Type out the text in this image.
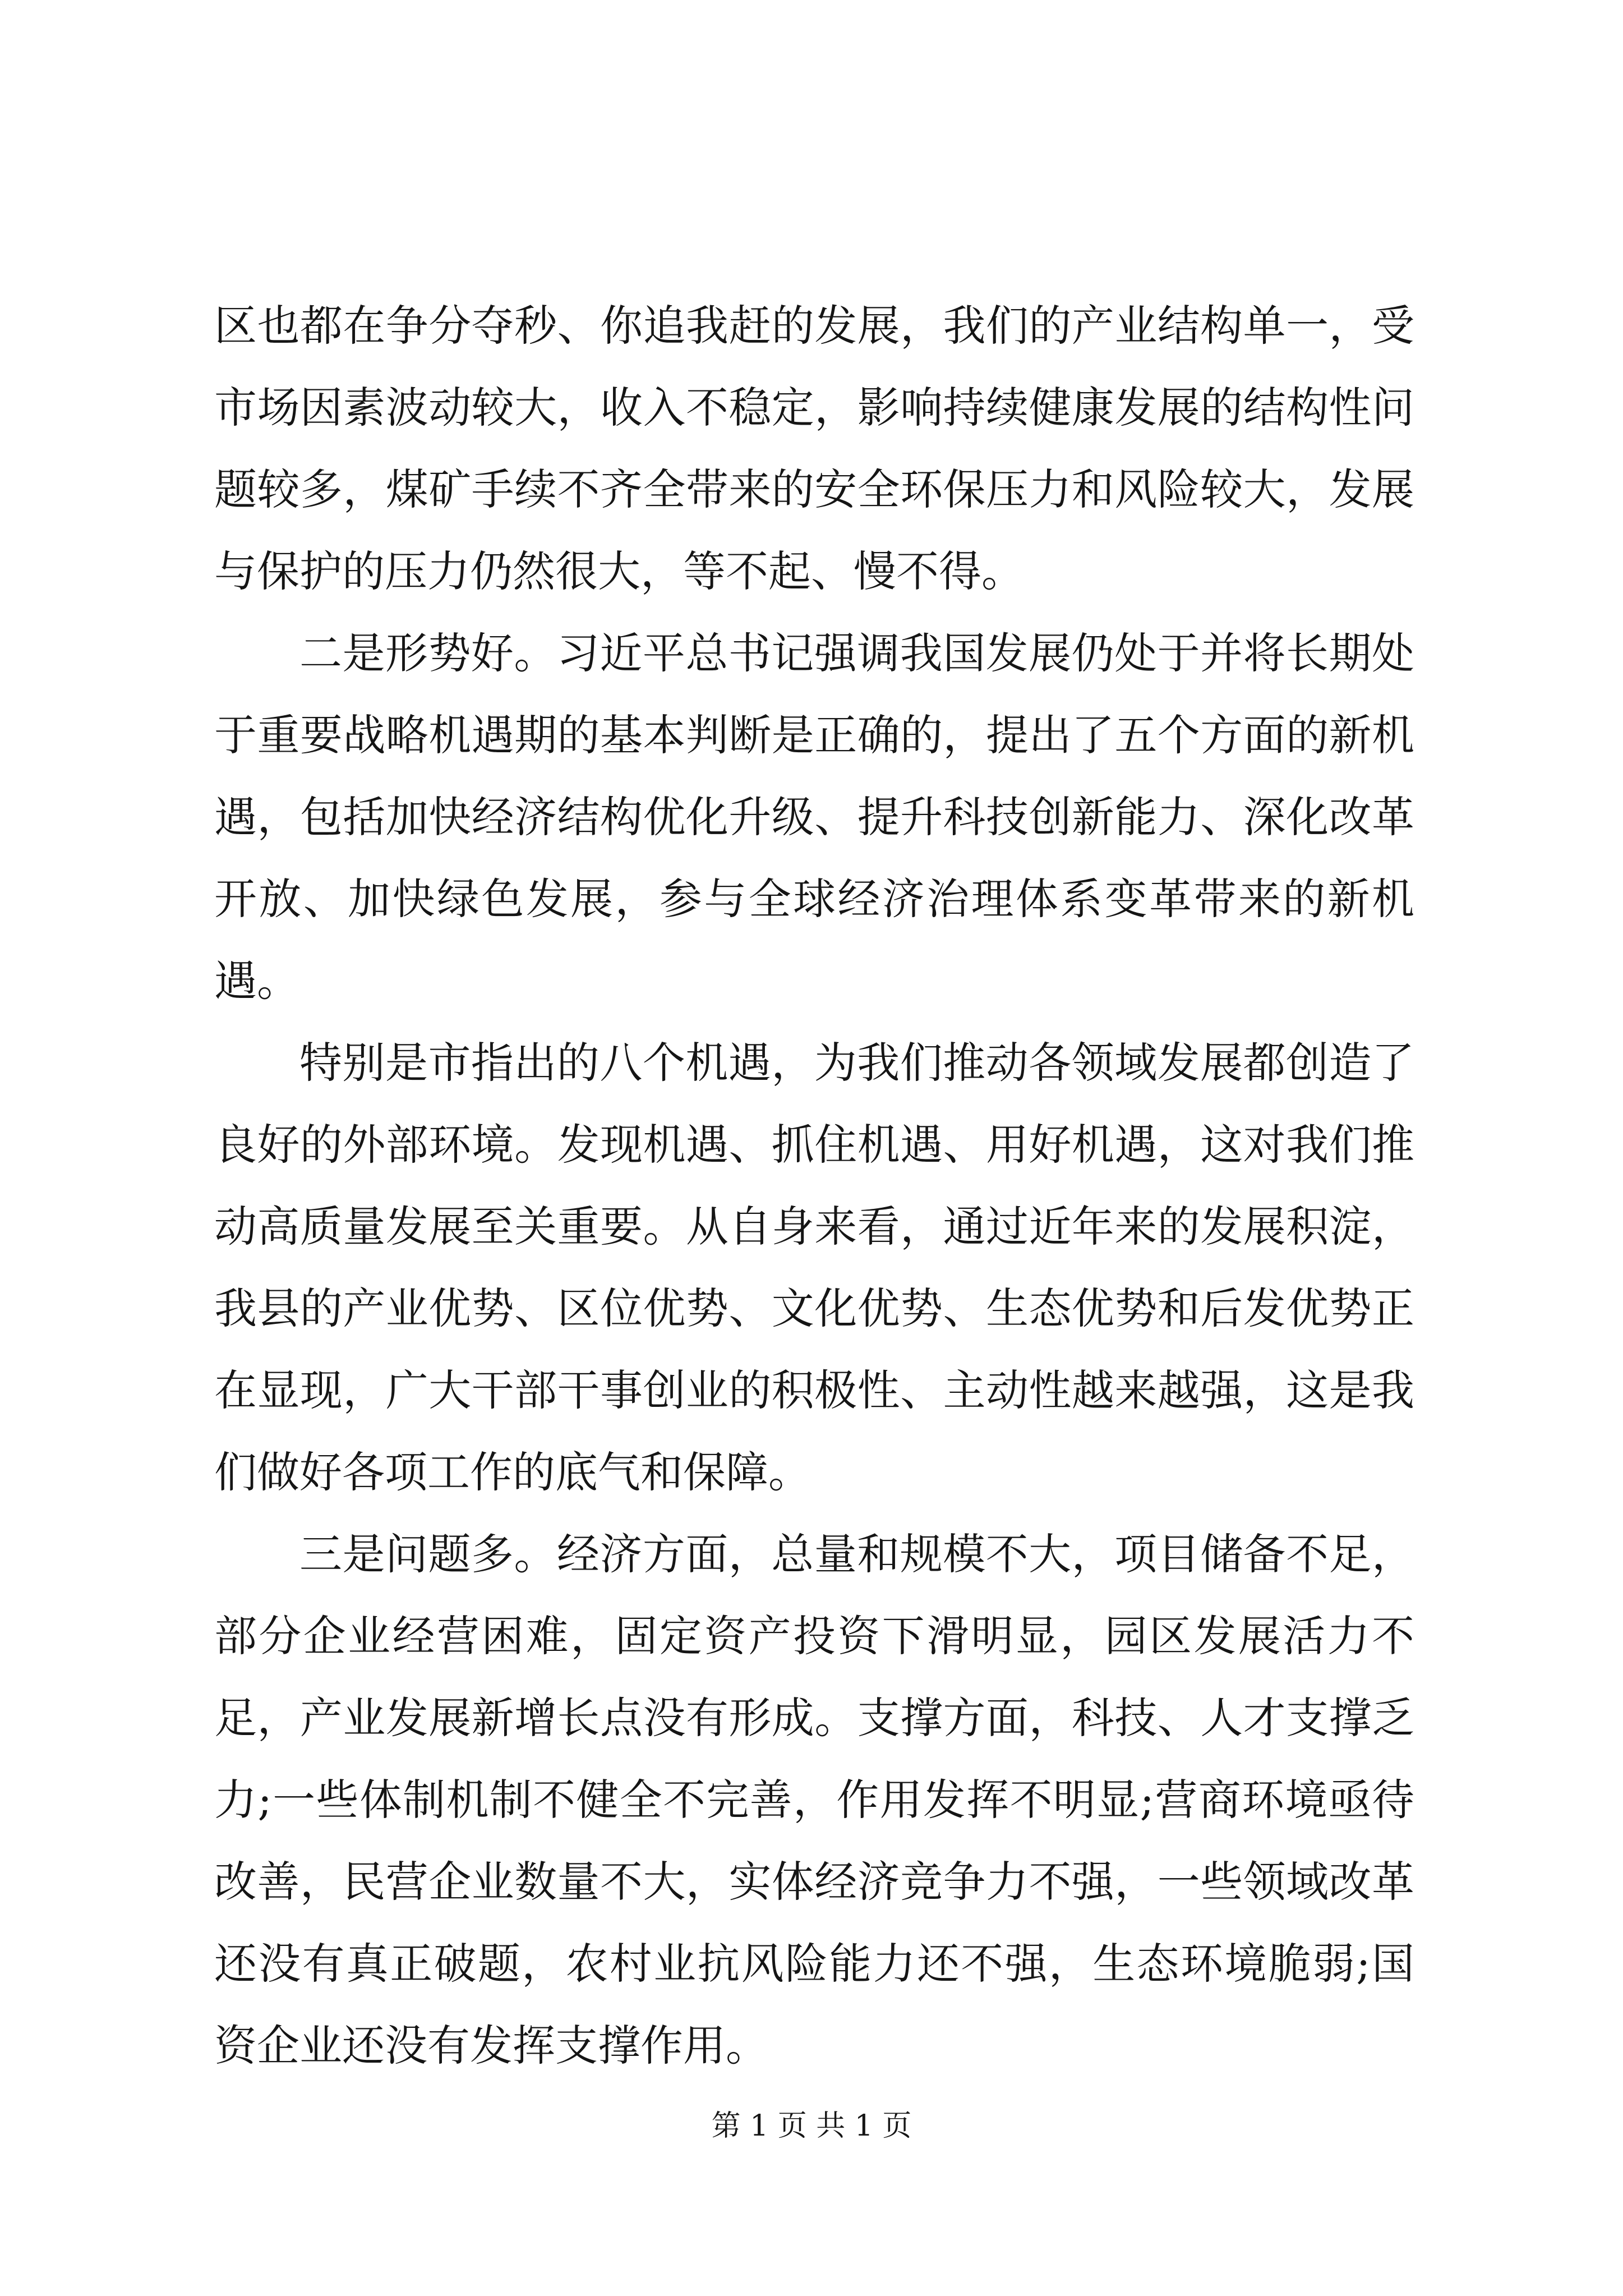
区也都在争分夺秒、你追我赶的发展，我们的产业结构单一，受市场因素波动较大，收入不稳定，影响持续健康发展的结构性问题较多，煤矿手续不齐全带来的安全环保压力和风险较大，发展与保护的压力仍然很大，等不起、慢不得。

二是形势好。习近平总书记强调我国发展仍处于并将长期处于重要战略机遇期的基本判断是正确的，提出了五个方面的新机遇，包括加快经济结构优化升级、提升科技创新能力、深化改革开放、加快绿色发展，参与全球经济治理体系变革带来的新机遇。

特别是市指出的八个机遇，为我们推动各领域发展都创造了良好的外部环境。发现机遇、抓住机遇、用好机遇，这对我们推动高质量发展至关重要。从自身来看，通过近年来的发展积淀，我县的产业优势、区位优势、文化优势、生态优势和后发优势正在显现，广大干部干事创业的积极性、主动性越来越强，这是我们做好各项工作的底气和保障。

三是问题多。经济方面，总量和规模不大，项目储备不足，部分企业经营困难，固定资产投资下滑明显，园区发展活力不足，产业发展新增长点没有形成。支撑方面，科技、人才支撑乏力;一些体制机制不健全不完善，作用发挥不明显;营商环境亟待改善，民营企业数量不大，实体经济竞争力不强，一些领域改革还没有真正破题，农村业抗风险能力还不强，生态环境脆弱;国资企业还没有发挥支撑作用。

第 1 页 共 1 页
